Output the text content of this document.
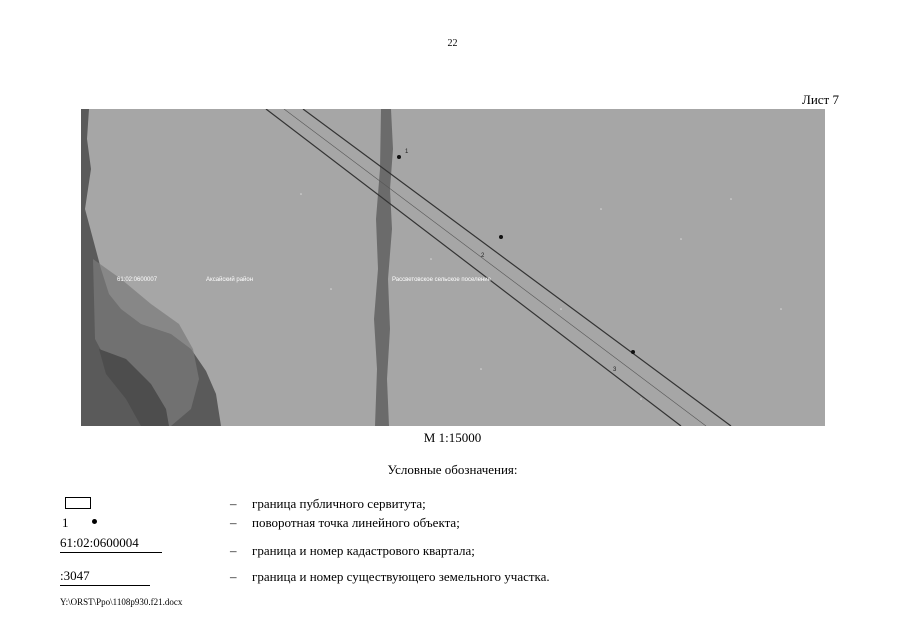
22
Лист 7
61:02:0600007	Аксайский район	Рассветовское сельское поселение
1
2
3
М 1:15000
Условные обозначения:
1
61:02:0600004
:3047
– граница публичного сервитута;
– поворотная точка линейного объекта;
– граница и номер кадастрового квартала;
– граница и номер существующего земельного участка.
Y:\ORST\Ppo\1108p930.f21.docx
